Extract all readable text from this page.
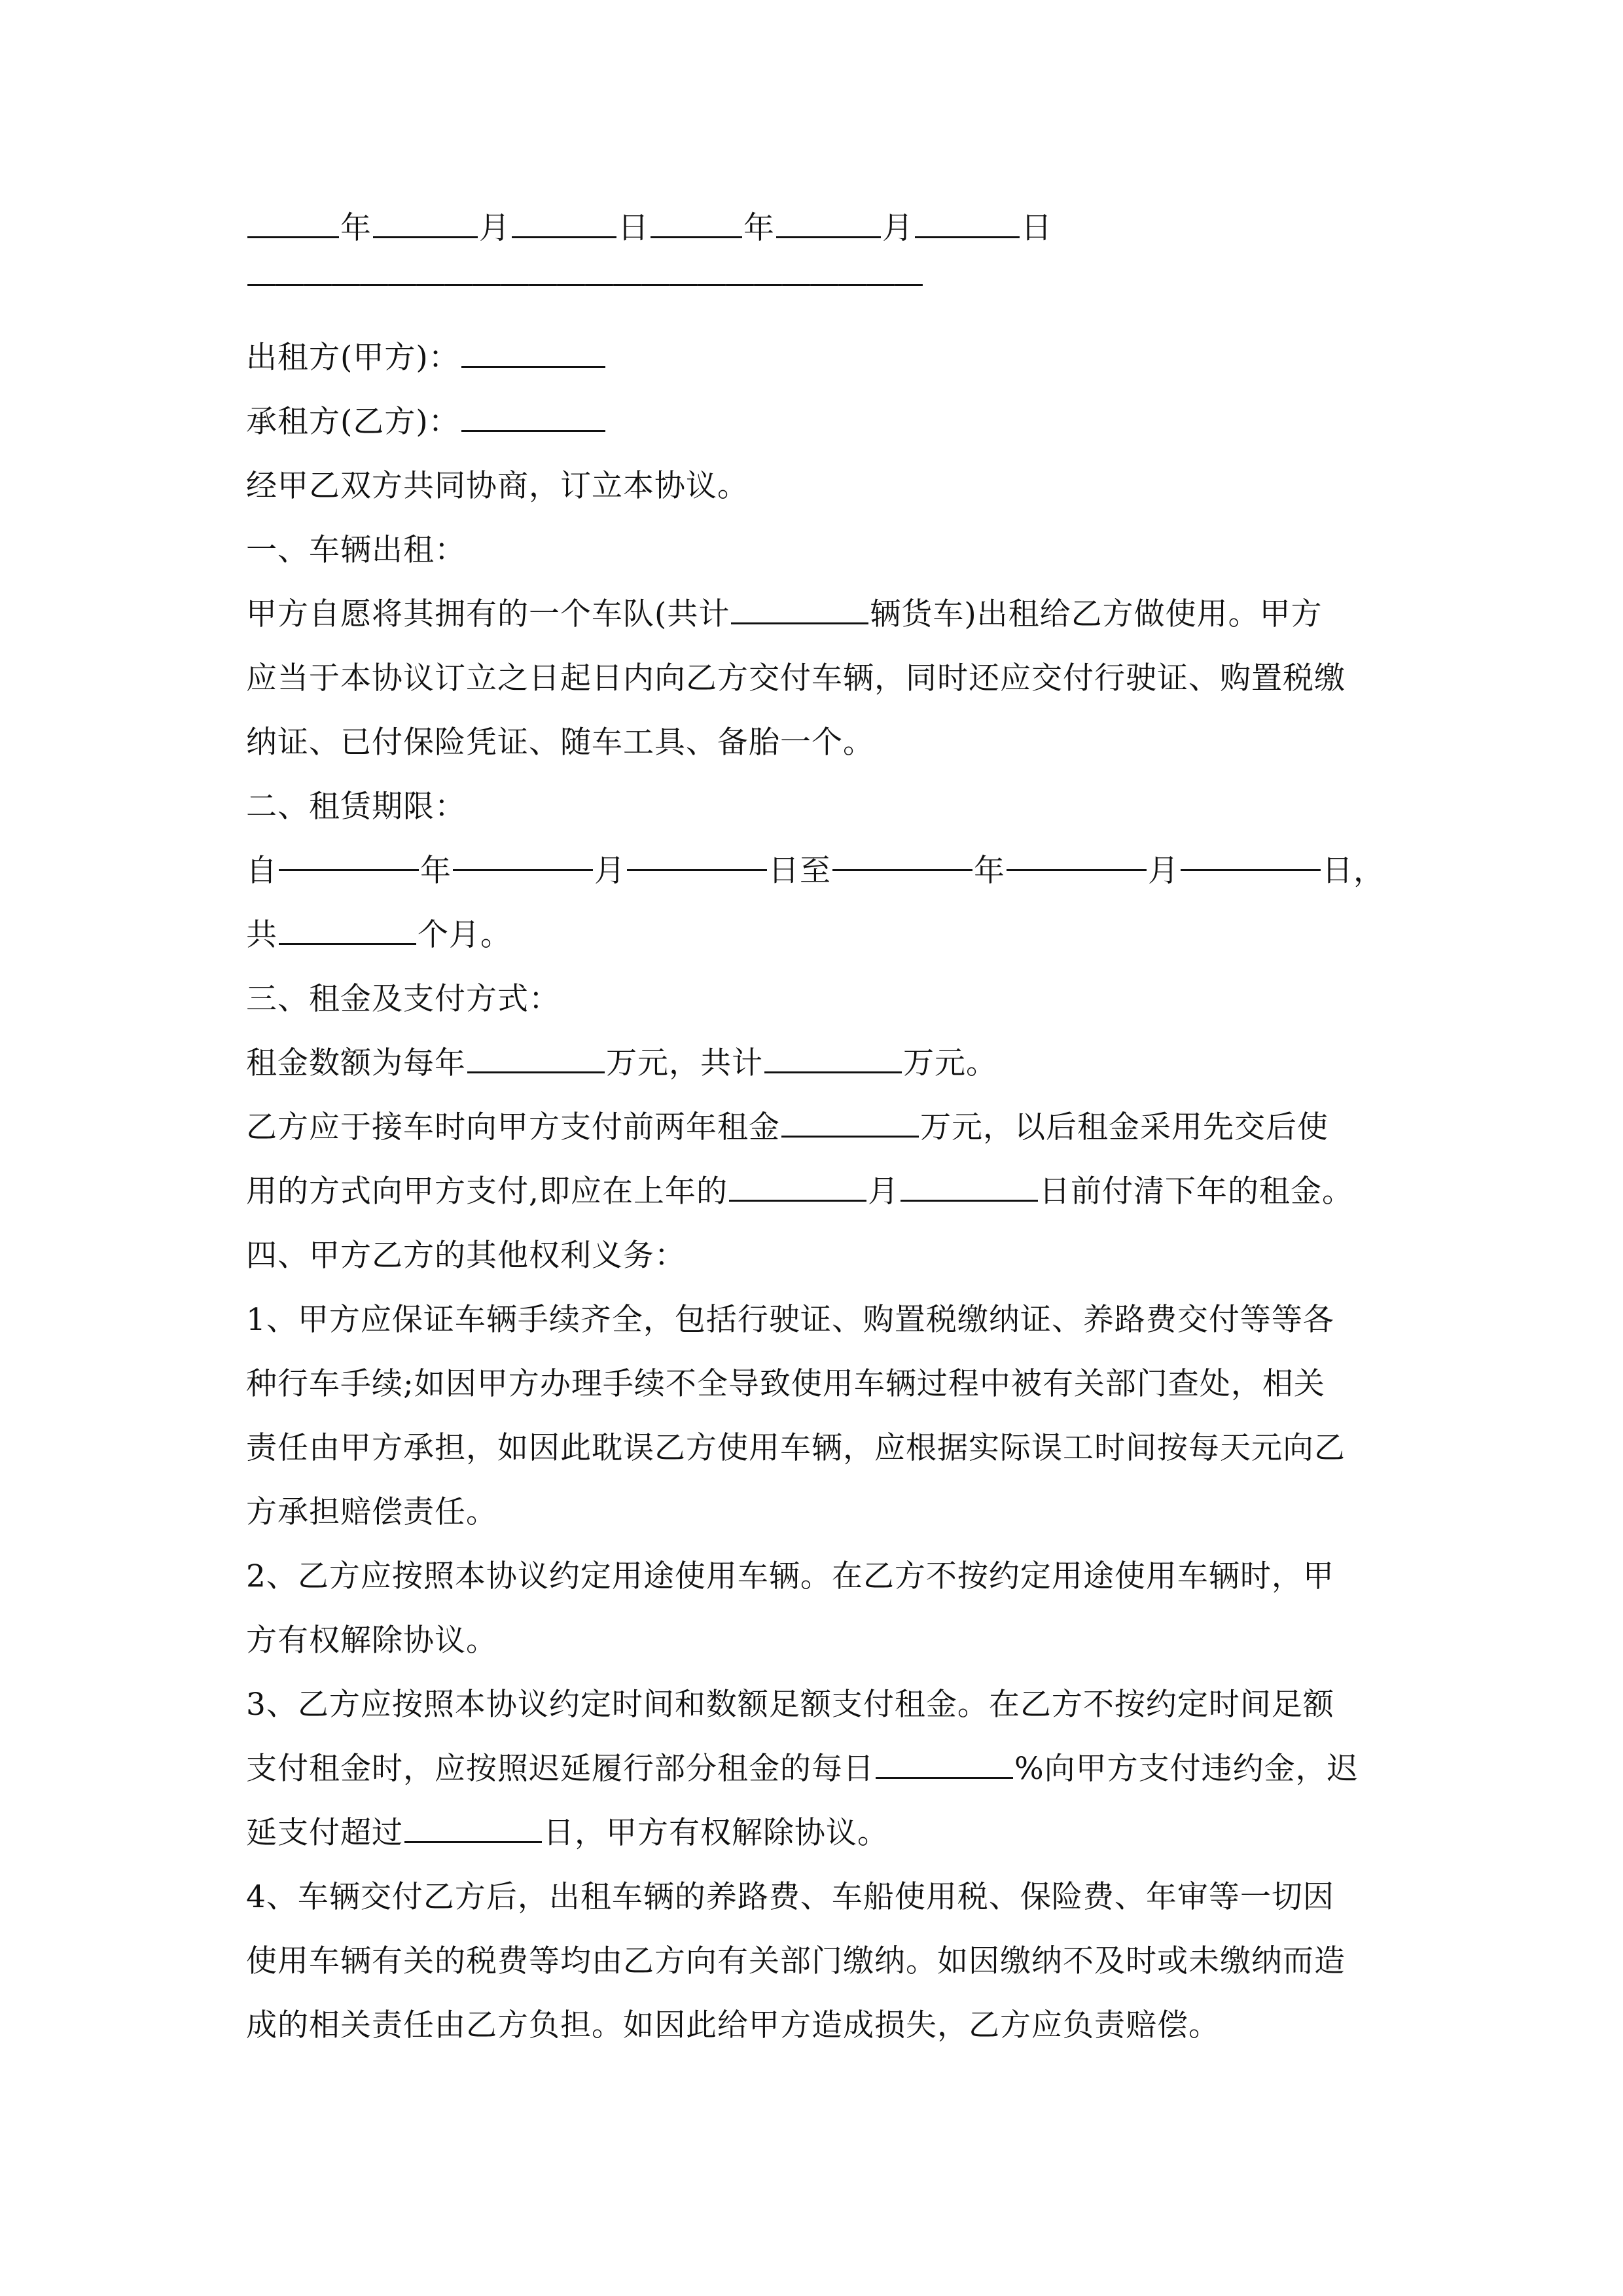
年	月	日	年	月	日
————————————————————————
出租方(甲方)：
承租方(乙方)：
经甲乙双方共同协商，订立本协议。
一、车辆出租：
甲方自愿将其拥有的一个车队(共计	辆货车)出租给乙方做使用。甲方
应当于本协议订立之日起日内向乙方交付车辆，同时还应交付行驶证、购置税缴
纳证、已付保险凭证、随车工具、备胎一个。
二、租赁期限：
自	年	月	日至	年	月	日，
共	个月。
三、租金及支付方式：
租金数额为每年	万元，共计	万元。
乙方应于接车时向甲方支付前两年租金	万元，以后租金采用先交后使
用的方式向甲方支付,即应在上年的	月	日前付清下年的租金。
四、甲方乙方的其他权利义务：
1、甲方应保证车辆手续齐全，包括行驶证、购置税缴纳证、养路费交付等等各
种行车手续;如因甲方办理手续不全导致使用车辆过程中被有关部门查处，相关
责任由甲方承担，如因此耽误乙方使用车辆，应根据实际误工时间按每天元向乙
方承担赔偿责任。
2、乙方应按照本协议约定用途使用车辆。在乙方不按约定用途使用车辆时，甲
方有权解除协议。
3、乙方应按照本协议约定时间和数额足额支付租金。在乙方不按约定时间足额
支付租金时，应按照迟延履行部分租金的每日	%向甲方支付违约金，迟
延支付超过	日，甲方有权解除协议。
4、车辆交付乙方后，出租车辆的养路费、车船使用税、保险费、年审等一切因
使用车辆有关的税费等均由乙方向有关部门缴纳。如因缴纳不及时或未缴纳而造
成的相关责任由乙方负担。如因此给甲方造成损失，乙方应负责赔偿。
